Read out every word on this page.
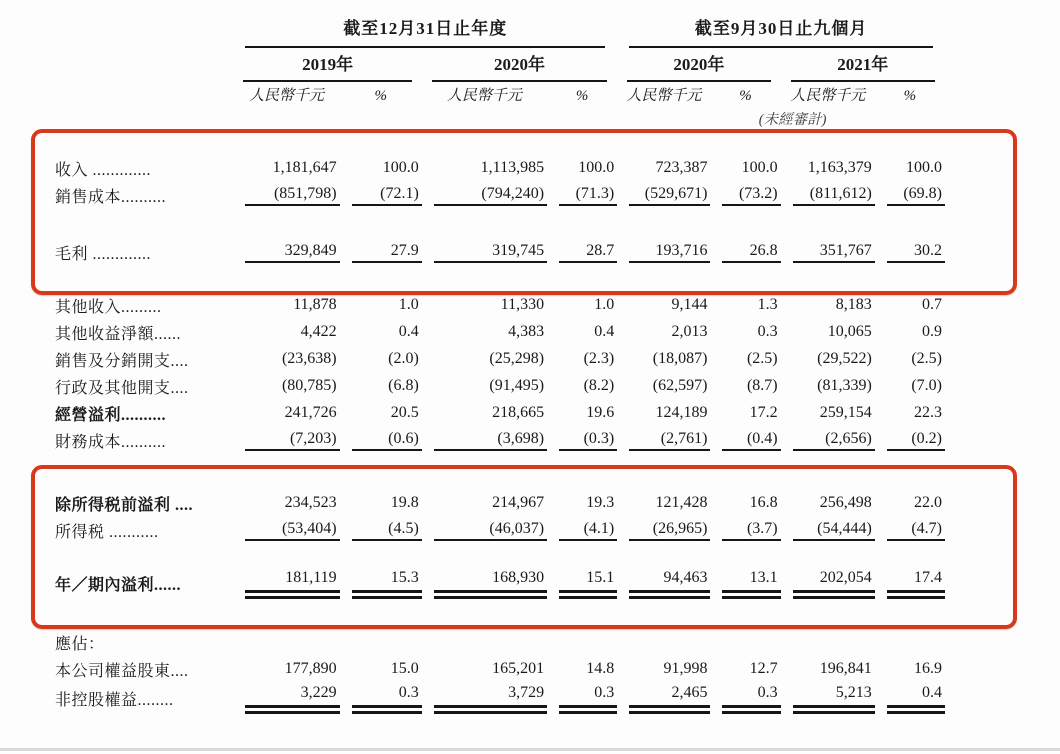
	截至12月31日止年度				截至9月30日止九個月			

	2019年		2020年		2020年		2021年	

	人民幣千元	%	人民幣千元	%	人民幣千元	%	人民幣千元	%
						(未經審計)		

收入 .............	1,181,647	100.0	1,113,985	100.0	723,387	100.0	1,163,379	100.0

銷售成本..........	(851,798)	(72.1)	(794,240)	(71.3)	(529,671)	(73.2)	(811,612)	(69.8)

毛利 .............	329,849	27.9	319,745	28.7	193,716	26.8	351,767	30.2

其他收入.........	11,878	1.0	11,330	1.0	9,144	1.3	8,183	0.7

其他收益淨額......	4,422	0.4	4,383	0.4	2,013	0.3	10,065	0.9

銷售及分銷開支....	(23,638)	(2.0)	(25,298)	(2.3)	(18,087)	(2.5)	(29,522)	(2.5)

行政及其他開支....	(80,785)	(6.8)	(91,495)	(8.2)	(62,597)	(8.7)	(81,339)	(7.0)

經營溢利..........	241,726	20.5	218,665	19.6	124,189	17.2	259,154	22.3

財務成本..........	(7,203)	(0.6)	(3,698)	(0.3)	(2,761)	(0.4)	(2,656)	(0.2)

除所得税前溢利 ....	234,523	19.8	214,967	19.3	121,428	16.8	256,498	22.0

所得税 ...........	(53,404)	(4.5)	(46,037)	(4.1)	(26,965)	(3.7)	(54,444)	(4.7)

年／期內溢利......	181,119	15.3	168,930	15.1	94,463	13.1	202,054	17.4

應佔：								
本公司權益股東....	177,890	15.0	165,201	14.8	91,998	12.7	196,841	16.9

非控股權益........	3,229	0.3	3,729	0.3	2,465	0.3	5,213	0.4
